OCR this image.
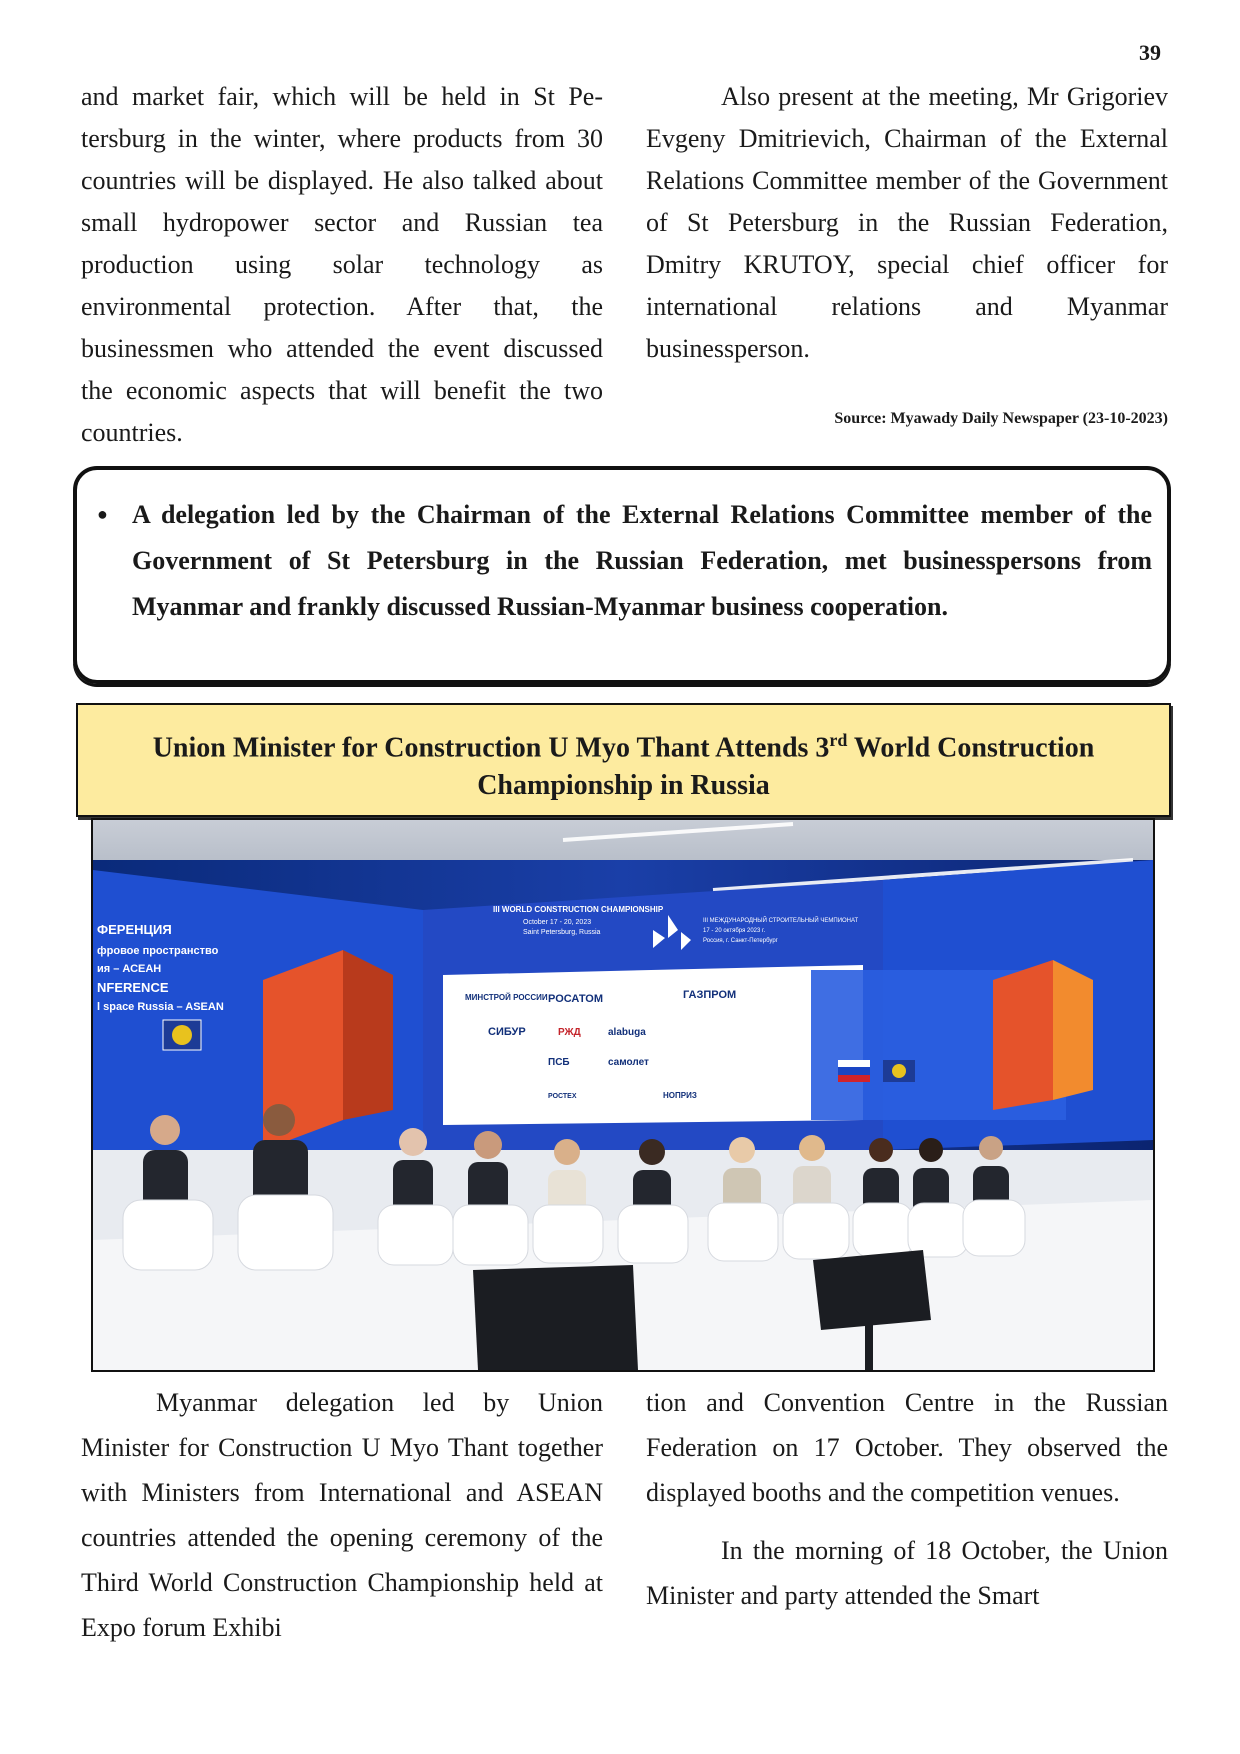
39

and market fair, which will be held in St Petersburg in the winter, where products from 30 countries will be displayed. He also talked about small hydropower sector and Russian tea production using solar technology as environmental protection. After that, the businessmen who attended the event discussed the economic aspects that will benefit the two countries.

Also present at the meeting, Mr Grigoriev Evgeny Dmitrievich, Chairman of the External Relations Committee member of the Government of St Petersburg in the Russian Federation, Dmitry KRUTOY, special chief officer for international relations and Myanmar businessperson.

Source: Myawady Daily Newspaper (23-10-2023)
● A delegation led by the Chairman of the External Relations Committee member of the Government of St Petersburg in the Russian Federation, met businesspersons from Myanmar and frankly discussed Russian-Myanmar business cooperation.
Union Minister for Construction U Myo Thant Attends 3rd World Construction Championship in Russia
ФЕРЕНЦИЯ
фровое пространство
ия – АСЕАН
NFERENCE
l space Russia – ASEAN
III WORLD CONSTRUCTION CHAMPIONSHIP
October 17 - 20, 2023
Saint Petersburg, Russia
III МЕЖДУНАРОДНЫЙ СТРОИТЕЛЬНЫЙ ЧЕМПИОНАТ
17 - 20 октября 2023 г.
Россия, г. Санкт-Петербург
МИНСТРОЙ РОССИИ РОСАТОМ	ГАЗПРОМ
СИБУР	РЖД	alabuga
ПСБ	самолет
РОСТЕХ	НОПРИЗ

Myanmar delegation led by Union Minister for Construction U Myo Thant together with Ministers from International and ASEAN countries attended the opening ceremony of the Third World Construction Championship held at Expo forum Exhibi

tion and Convention Centre in the Russian Federation on 17 October. They observed the displayed booths and the competition venues.

In the morning of 18 October, the Union Minister and party attended the Smart
